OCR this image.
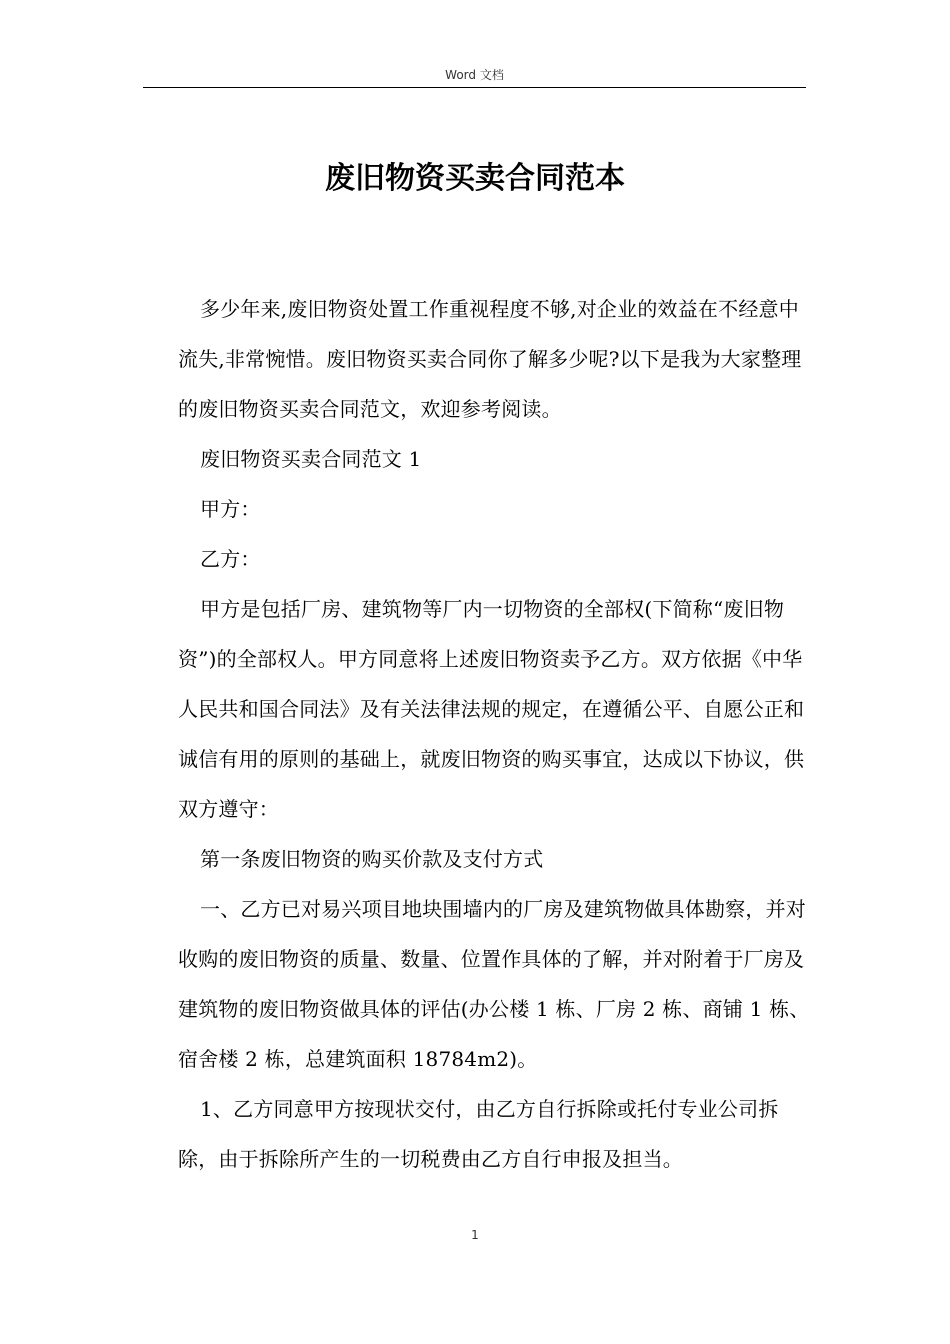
Word 文档
废旧物资买卖合同范本

多少年来,废旧物资处置工作重视程度不够,对企业的效益在不经意中流失,非常惋惜。废旧物资买卖合同你了解多少呢?以下是我为大家整理的废旧物资买卖合同范文，欢迎参考阅读。

废旧物资买卖合同范文 1

甲方：

乙方：

甲方是包括厂房、建筑物等厂内一切物资的全部权(下简称“废旧物资”)的全部权人。甲方同意将上述废旧物资卖予乙方。双方依据《中华人民共和国合同法》及有关法律法规的规定，在遵循公平、自愿公正和诚信有用的原则的基础上，就废旧物资的购买事宜，达成以下协议，供双方遵守：

第一条废旧物资的购买价款及支付方式

一、乙方已对易兴项目地块围墙内的厂房及建筑物做具体勘察，并对收购的废旧物资的质量、数量、位置作具体的了解，并对附着于厂房及建筑物的废旧物资做具体的评估(办公楼 1 栋、厂房 2 栋、商铺 1 栋、宿舍楼 2 栋，总建筑面积 18784m2)。

1、乙方同意甲方按现状交付，由乙方自行拆除或托付专业公司拆除，由于拆除所产生的一切税费由乙方自行申报及担当。

1
